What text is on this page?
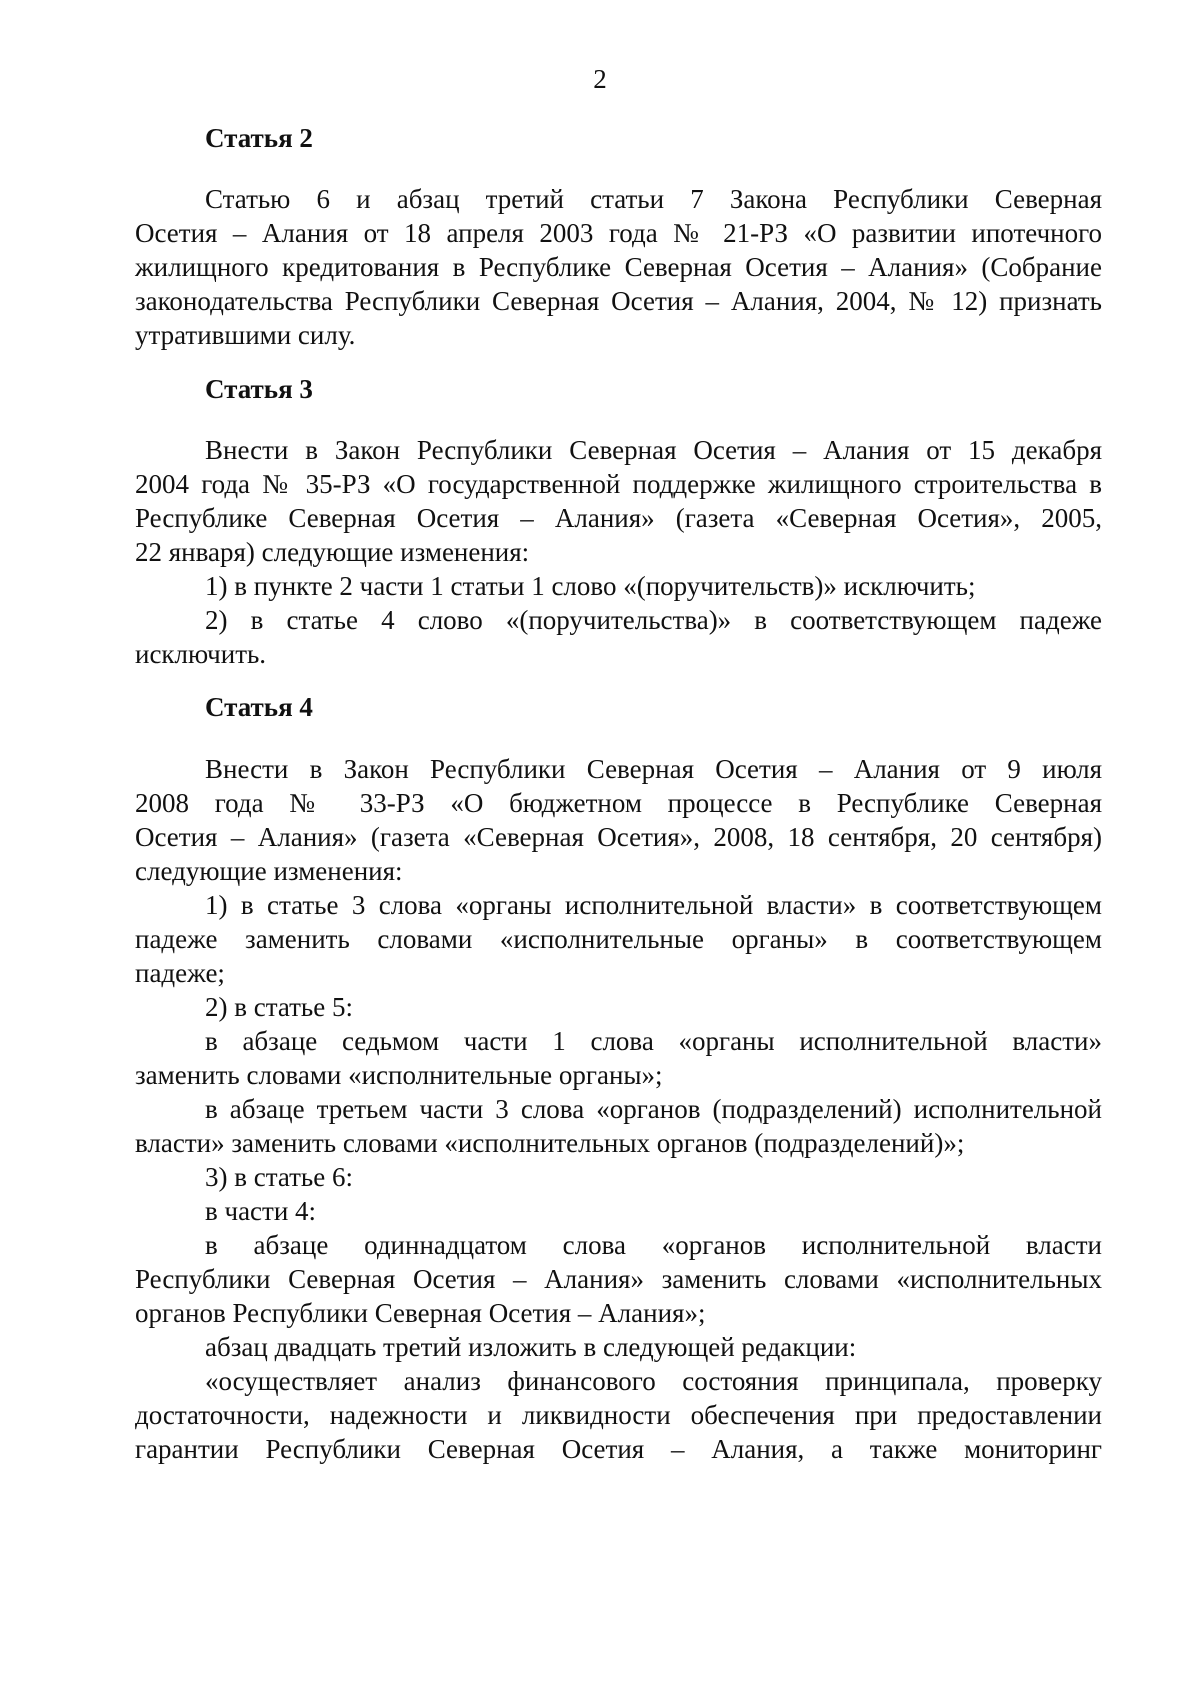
2
Статья 2
Статью 6 и абзац третий статьи 7 Закона Республики Северная
Осетия – Алания от 18 апреля 2003 года № 21-РЗ «О развитии ипотечного
жилищного кредитования в Республике Северная Осетия – Алания» (Собрание
законодательства Республики Северная Осетия – Алания, 2004, № 12) признать
утратившими силу.
Статья 3
Внести в Закон Республики Северная Осетия – Алания от 15 декабря
2004 года № 35-РЗ «О государственной поддержке жилищного строительства в
Республике Северная Осетия – Алания» (газета «Северная Осетия», 2005,
22 января) следующие изменения:
1) в пункте 2 части 1 статьи 1 слово «(поручительств)» исключить;
2) в статье 4 слово «(поручительства)» в соответствующем падеже
исключить.
Статья 4
Внести в Закон Республики Северная Осетия – Алания от 9 июля
2008 года № 33-РЗ «О бюджетном процессе в Республике Северная
Осетия – Алания» (газета «Северная Осетия», 2008, 18 сентября, 20 сентября)
следующие изменения:
1) в статье 3 слова «органы исполнительной власти» в соответствующем
падеже заменить словами «исполнительные органы» в соответствующем
падеже;
2) в статье 5:
в абзаце седьмом части 1 слова «органы исполнительной власти»
заменить словами «исполнительные органы»;
в абзаце третьем части 3 слова «органов (подразделений) исполнительной
власти» заменить словами «исполнительных органов (подразделений)»;
3) в статье 6:
в части 4:
в абзаце одиннадцатом слова «органов исполнительной власти
Республики Северная Осетия – Алания» заменить словами «исполнительных
органов Республики Северная Осетия – Алания»;
абзац двадцать третий изложить в следующей редакции:
«осуществляет анализ финансового состояния принципала, проверку
достаточности, надежности и ликвидности обеспечения при предоставлении
гарантии Республики Северная Осетия – Алания, а также мониторинг
